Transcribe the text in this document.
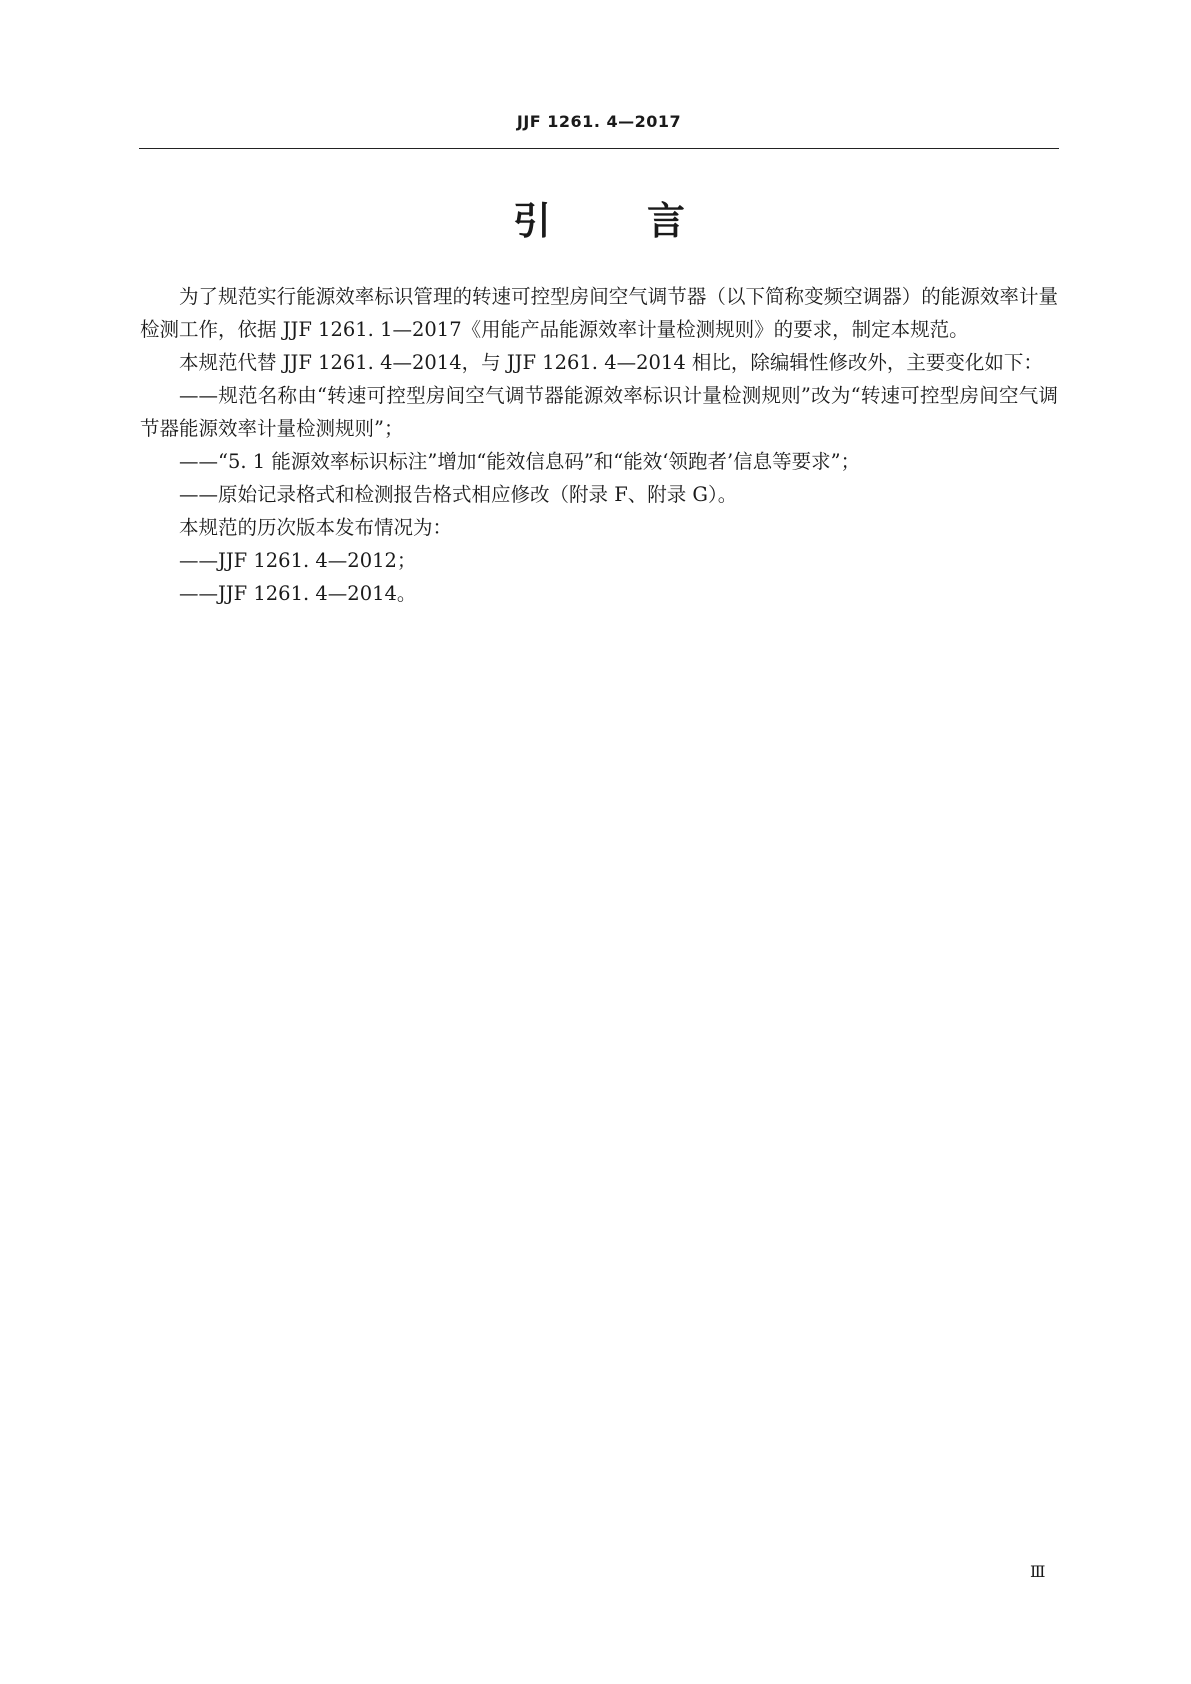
JJF 1261. 4—2017
引	言

为了规范实行能源效率标识管理的转速可控型房间空气调节器（以下简称变频空调器）的能源效率计量检测工作，依据 JJF 1261. 1—2017《用能产品能源效率计量检测规则》的要求，制定本规范。

本规范代替 JJF 1261. 4—2014，与 JJF 1261. 4—2014 相比，除编辑性修改外，主要变化如下：

——规范名称由“转速可控型房间空气调节器能源效率标识计量检测规则”改为“转速可控型房间空气调节器能源效率计量检测规则”；

——“5. 1 能源效率标识标注”增加“能效信息码”和“能效‘领跑者’信息等要求”；

——原始记录格式和检测报告格式相应修改（附录 F、附录 G）。

本规范的历次版本发布情况为：

——JJF 1261. 4—2012；

——JJF 1261. 4—2014。

Ⅲ
